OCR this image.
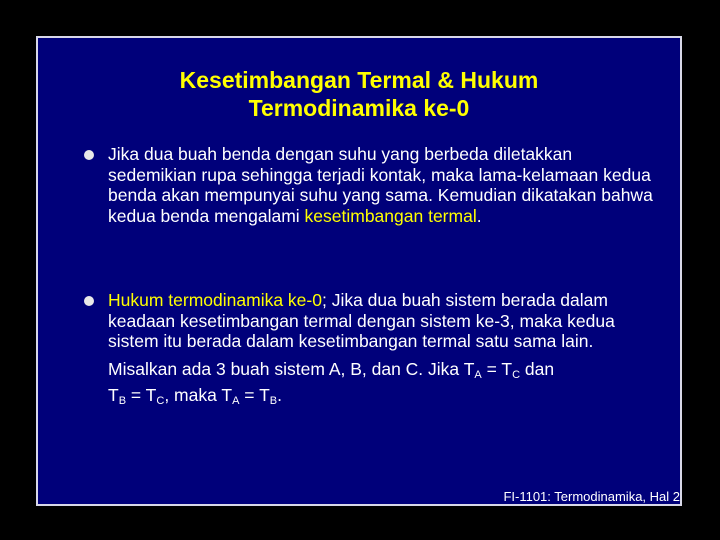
Kesetimbangan Termal & Hukum
Termodinamika ke-0
Jika dua buah benda dengan suhu yang berbeda diletakkan sedemikian rupa sehingga terjadi kontak, maka lama-kelamaan kedua benda akan mempunyai suhu yang sama. Kemudian dikatakan bahwa kedua benda mengalami kesetimbangan termal.
Hukum termodinamika ke-0; Jika dua buah sistem berada dalam keadaan kesetimbangan termal dengan sistem ke-3, maka kedua sistem itu berada dalam kesetimbangan termal satu sama lain.
Misalkan ada 3 buah sistem A, B, dan C. Jika $T_A = T_C$ dan
$T_B = T_C$, maka $T_A = T_B$.
FI-1101: Termodinamika, Hal 2
